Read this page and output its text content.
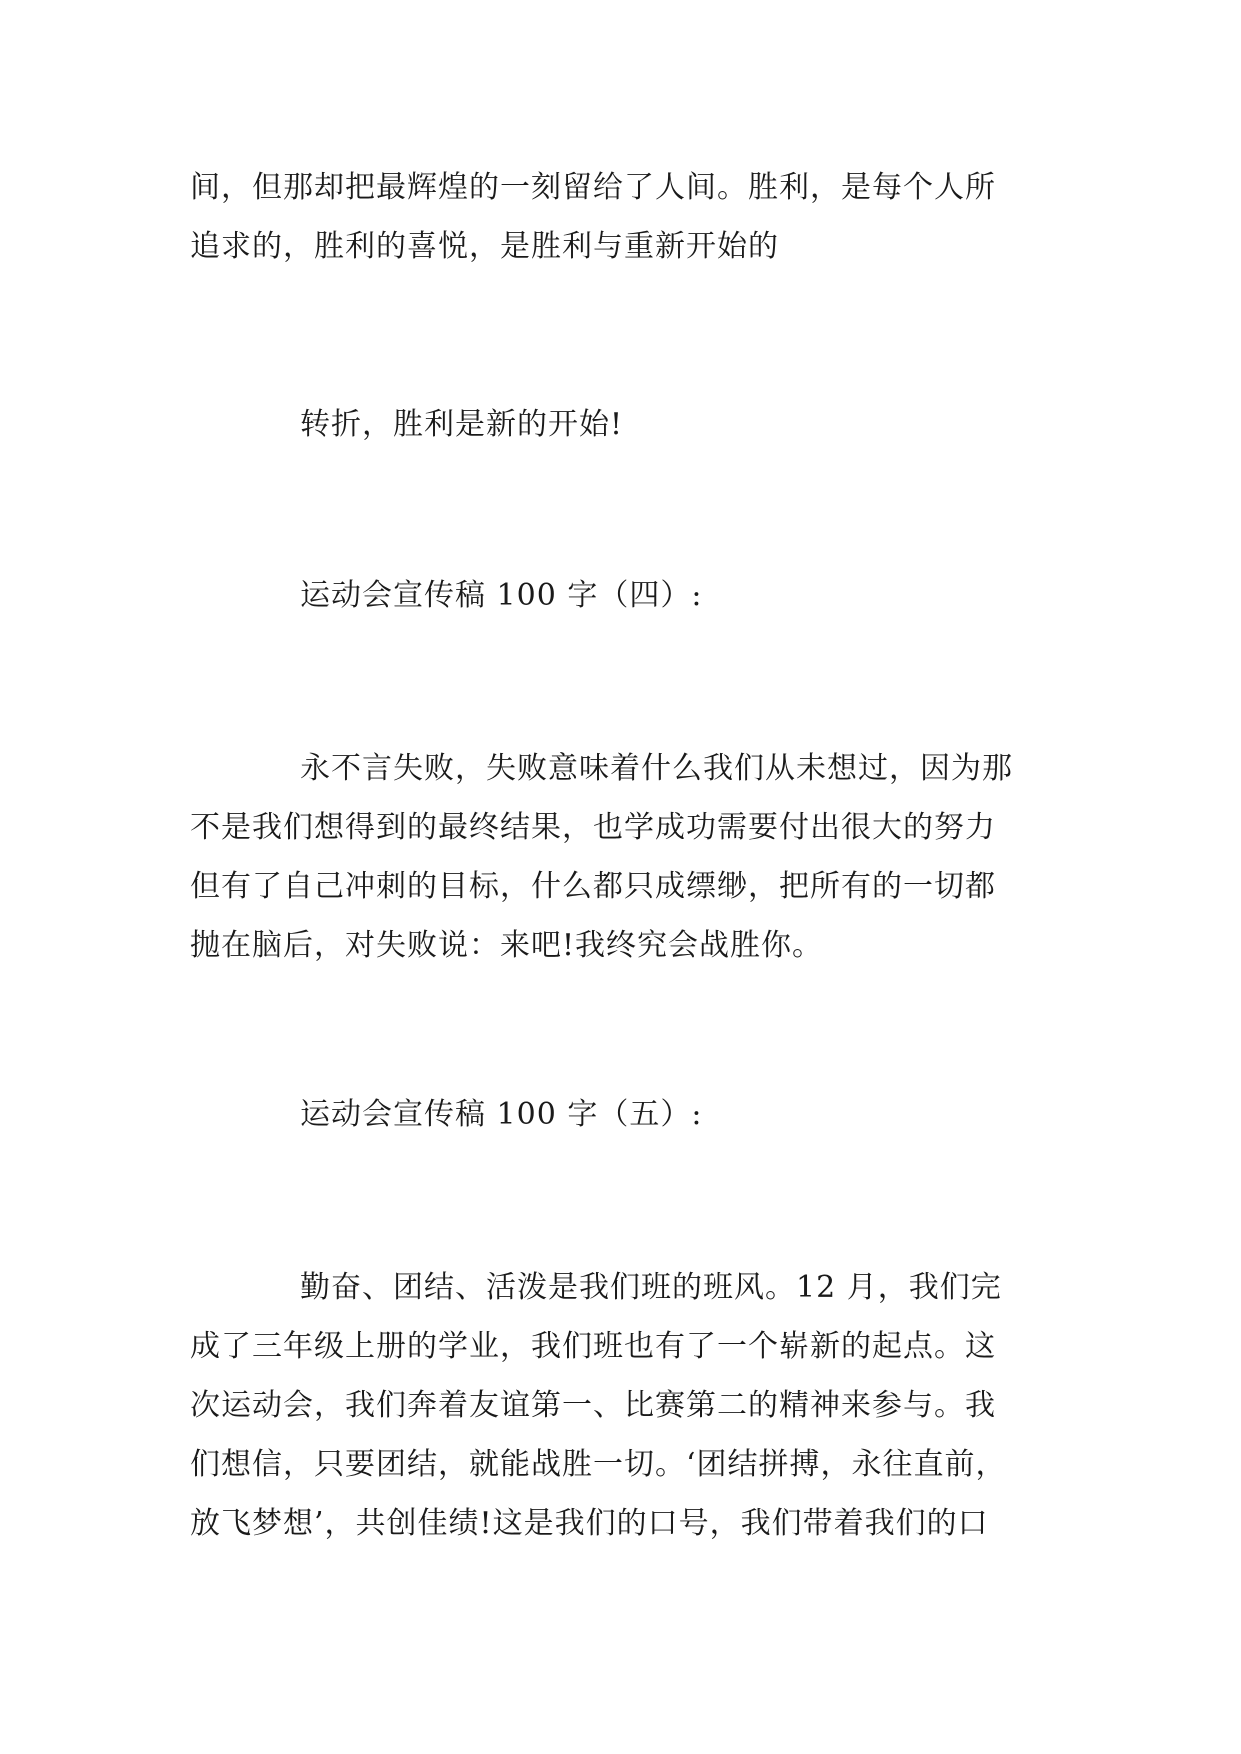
间，但那却把最辉煌的一刻留给了人间。胜利，是每个人所
追求的，胜利的喜悦，是胜利与重新开始的
转折，胜利是新的开始!
运动会宣传稿 100 字（四）:
永不言失败，失败意味着什么我们从未想过，因为那
不是我们想得到的最终结果，也学成功需要付出很大的努力
但有了自己冲刺的目标，什么都只成缥缈，把所有的一切都
抛在脑后，对失败说：来吧!我终究会战胜你。
运动会宣传稿 100 字（五）:
勤奋、团结、活泼是我们班的班风。12 月，我们完
成了三年级上册的学业，我们班也有了一个崭新的起点。这
次运动会，我们奔着友谊第一、比赛第二的精神来参与。我
们想信，只要团结，就能战胜一切。‘团结拼搏，永往直前，
放飞梦想’，共创佳绩!这是我们的口号，我们带着我们的口
